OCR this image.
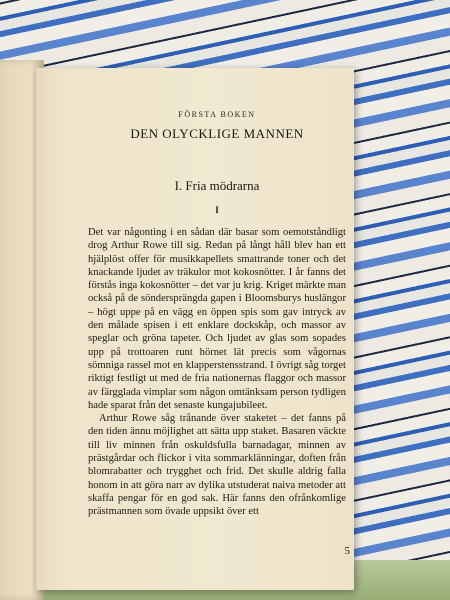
FÖRSTA BOKEN
DEN OLYCKLIGE MANNEN
I. Fria mödrarna
I

Det var någonting i en sådan där basar som oemotståndligt drog Arthur Rowe till sig. Redan på långt håll blev han ett hjälplöst offer för musikkapellets smattrande toner och det knackande ljudet av träkulor mot kokosnötter. I år fanns det förstås inga kokosnötter – det var ju krig. Kriget märkte man också på de söndersprängda gapen i Bloomsburys huslängor – högt uppe på en vägg en öppen spis som gav intryck av den målade spisen i ett enklare dockskåp, och massor av speglar och gröna tapeter. Och ljudet av glas som sopades upp på trottoaren runt hörnet lät precis som vågornas sömniga rassel mot en klapperstensstrand. I övrigt såg torget riktigt festligt ut med de fria nationernas flaggor och massor av färgglada vimplar som någon omtänksam person tydligen hade sparat från det senaste kungajubileet.

Arthur Rowe såg trånande över staketet – det fanns på den tiden ännu möjlighet att sätta upp staket. Basaren väckte till liv minnen från oskuldsfulla barnadagar, minnen av prästgårdar och flickor i vita sommarklänningar, doften från blomrabatter och trygghet och frid. Det skulle aldrig falla honom in att göra narr av dylika utstuderat naiva metoder att skaffa pengar för en god sak. Här fanns den ofrånkomlige prästmannen som övade uppsikt över ett

5
